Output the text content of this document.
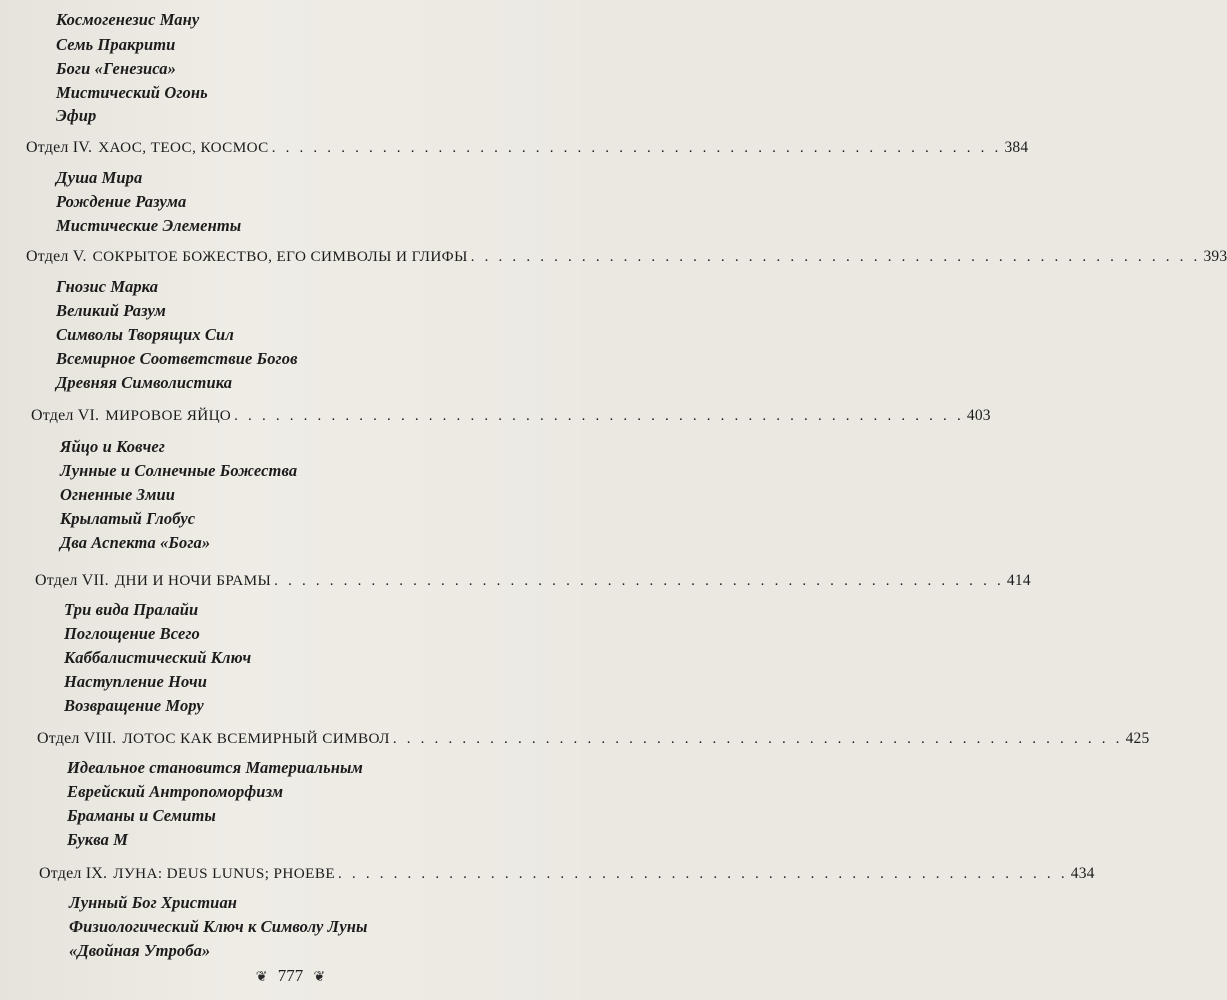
Космогенезис Ману
Семь Пракрити
Боги «Генезиса»
Мистический Огонь
Эфир
Отдел IV. ХАОС, ТЕОС, КОСМОС . . . . . . . . . . . . . . . . . . . . . . . . . . . . . . . . . . . . . . . . . . . . . . . . . . . . . 384
Душа Мира
Рождение Разума
Мистические Элементы
Отдел V. СОКРЫТОЕ БОЖЕСТВО, ЕГО СИМВОЛЫ И ГЛИФЫ . . . . . . . . . . . . . . . . . . . . . . . . . . . . . . . . . . . . . . . . . . . . . . . . . . . . . 393
Гнозис Марка
Великий Разум
Символы Творящих Сил
Всемирное Соответствие Богов
Древняя Символистика
Отдел VI. МИРОВОЕ ЯЙЦО . . . . . . . . . . . . . . . . . . . . . . . . . . . . . . . . . . . . . . . . . . . . . . . . . . . . . 403
Яйцо и Ковчег
Лунные и Солнечные Божества
Огненные Змии
Крылатый Глобус
Два Аспекта «Бога»
Отдел VII. ДНИ И НОЧИ БРАМЫ . . . . . . . . . . . . . . . . . . . . . . . . . . . . . . . . . . . . . . . . . . . . . . . . . . . . . 414
Три вида Пралайи
Поглощение Всего
Каббалистический Ключ
Наступление Ночи
Возвращение Мору
Отдел VIII. ЛОТОС КАК ВСЕМИРНЫЙ СИМВОЛ . . . . . . . . . . . . . . . . . . . . . . . . . . . . . . . . . . . . . . . . . . . . . . . . . . . . . 425
Идеальное становится Материальным
Еврейский Антропоморфизм
Браманы и Семиты
Буква М
Отдел IX. ЛУНА: DEUS LUNUS; PHOEBE . . . . . . . . . . . . . . . . . . . . . . . . . . . . . . . . . . . . . . . . . . . . . . . . . . . . . 434
Лунный Бог Христиан
Физиологический Ключ к Символу Луны
«Двойная Утроба»
❦ 777 ❦
